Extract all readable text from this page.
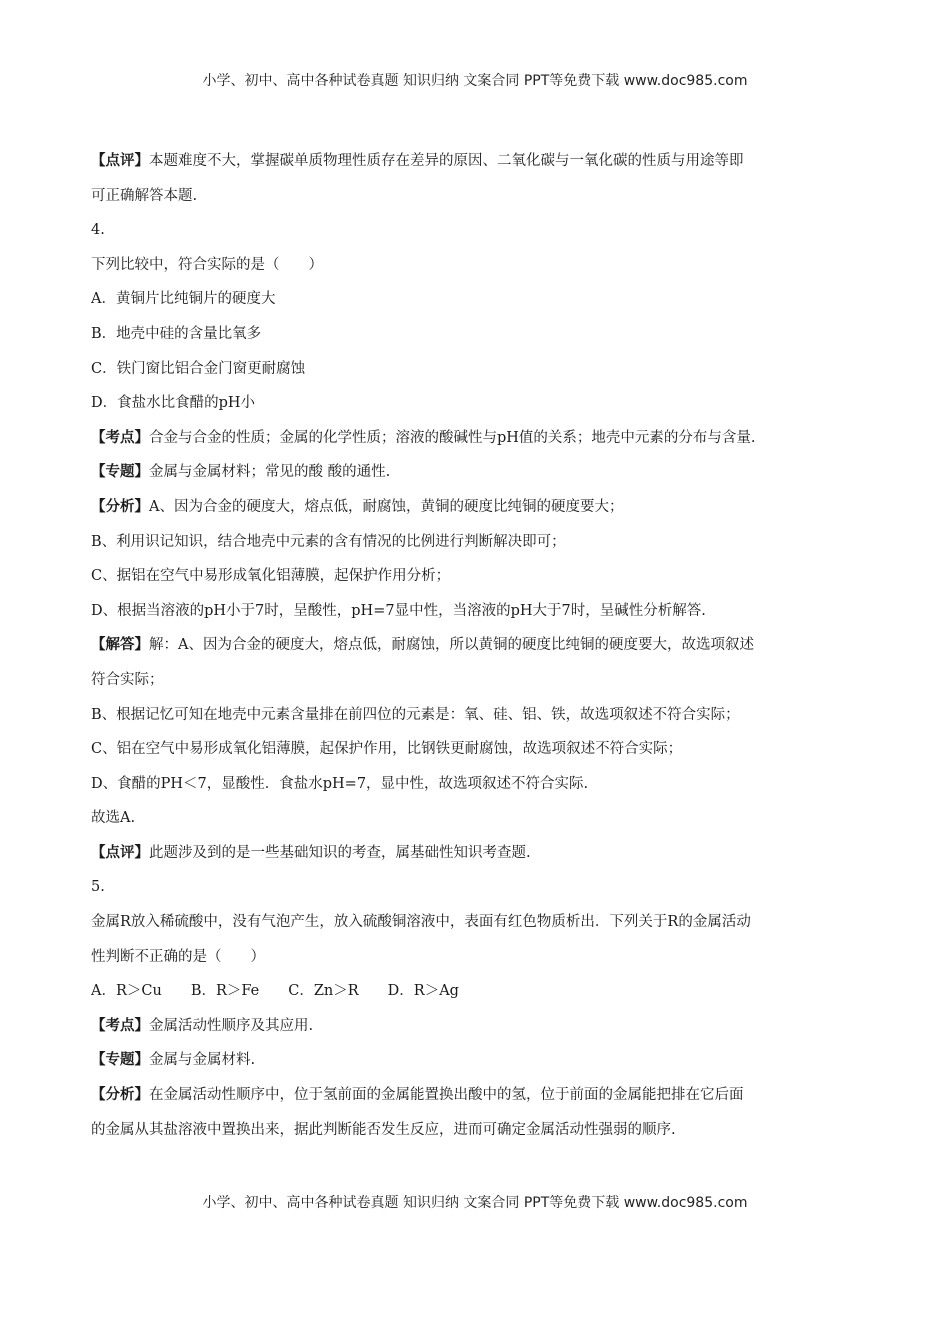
小学、初中、高中各种试卷真题 知识归纳 文案合同 PPT等免费下载 www.doc985.com
【点评】本题难度不大，掌握碳单质物理性质存在差异的原因、二氧化碳与一氧化碳的性质与用途等即
可正确解答本题.
4.
下列比较中，符合实际的是（　　）
A．黄铜片比纯铜片的硬度大
B．地壳中硅的含量比氧多
C．铁门窗比铝合金门窗更耐腐蚀
D．食盐水比食醋的pH小
【考点】合金与合金的性质；金属的化学性质；溶液的酸碱性与pH值的关系；地壳中元素的分布与含量.
【专题】金属与金属材料；常见的酸 酸的通性.
【分析】A、因为合金的硬度大，熔点低，耐腐蚀，黄铜的硬度比纯铜的硬度要大；
B、利用识记知识，结合地壳中元素的含有情况的比例进行判断解决即可；
C、据铝在空气中易形成氧化铝薄膜，起保护作用分析；
D、根据当溶液的pH小于7时，呈酸性，pH=7显中性，当溶液的pH大于7时，呈碱性分析解答.
【解答】解：A、因为合金的硬度大，熔点低，耐腐蚀，所以黄铜的硬度比纯铜的硬度要大，故选项叙述
符合实际；
B、根据记忆可知在地壳中元素含量排在前四位的元素是：氧、硅、铝、铁，故选项叙述不符合实际；
C、铝在空气中易形成氧化铝薄膜，起保护作用，比钢铁更耐腐蚀，故选项叙述不符合实际；
D、食醋的PH＜7，显酸性．食盐水pH=7，显中性，故选项叙述不符合实际.
故选A.
【点评】此题涉及到的是一些基础知识的考查，属基础性知识考查题.
5.
金属R放入稀硫酸中，没有气泡产生，放入硫酸铜溶液中，表面有红色物质析出．下列关于R的金属活动
性判断不正确的是（　　）
A．R＞Cu　　B．R＞Fe　　C．Zn＞R　　D．R＞Ag
【考点】金属活动性顺序及其应用.
【专题】金属与金属材料.
【分析】在金属活动性顺序中，位于氢前面的金属能置换出酸中的氢，位于前面的金属能把排在它后面
的金属从其盐溶液中置换出来，据此判断能否发生反应，进而可确定金属活动性强弱的顺序.
小学、初中、高中各种试卷真题 知识归纳 文案合同 PPT等免费下载 www.doc985.com
